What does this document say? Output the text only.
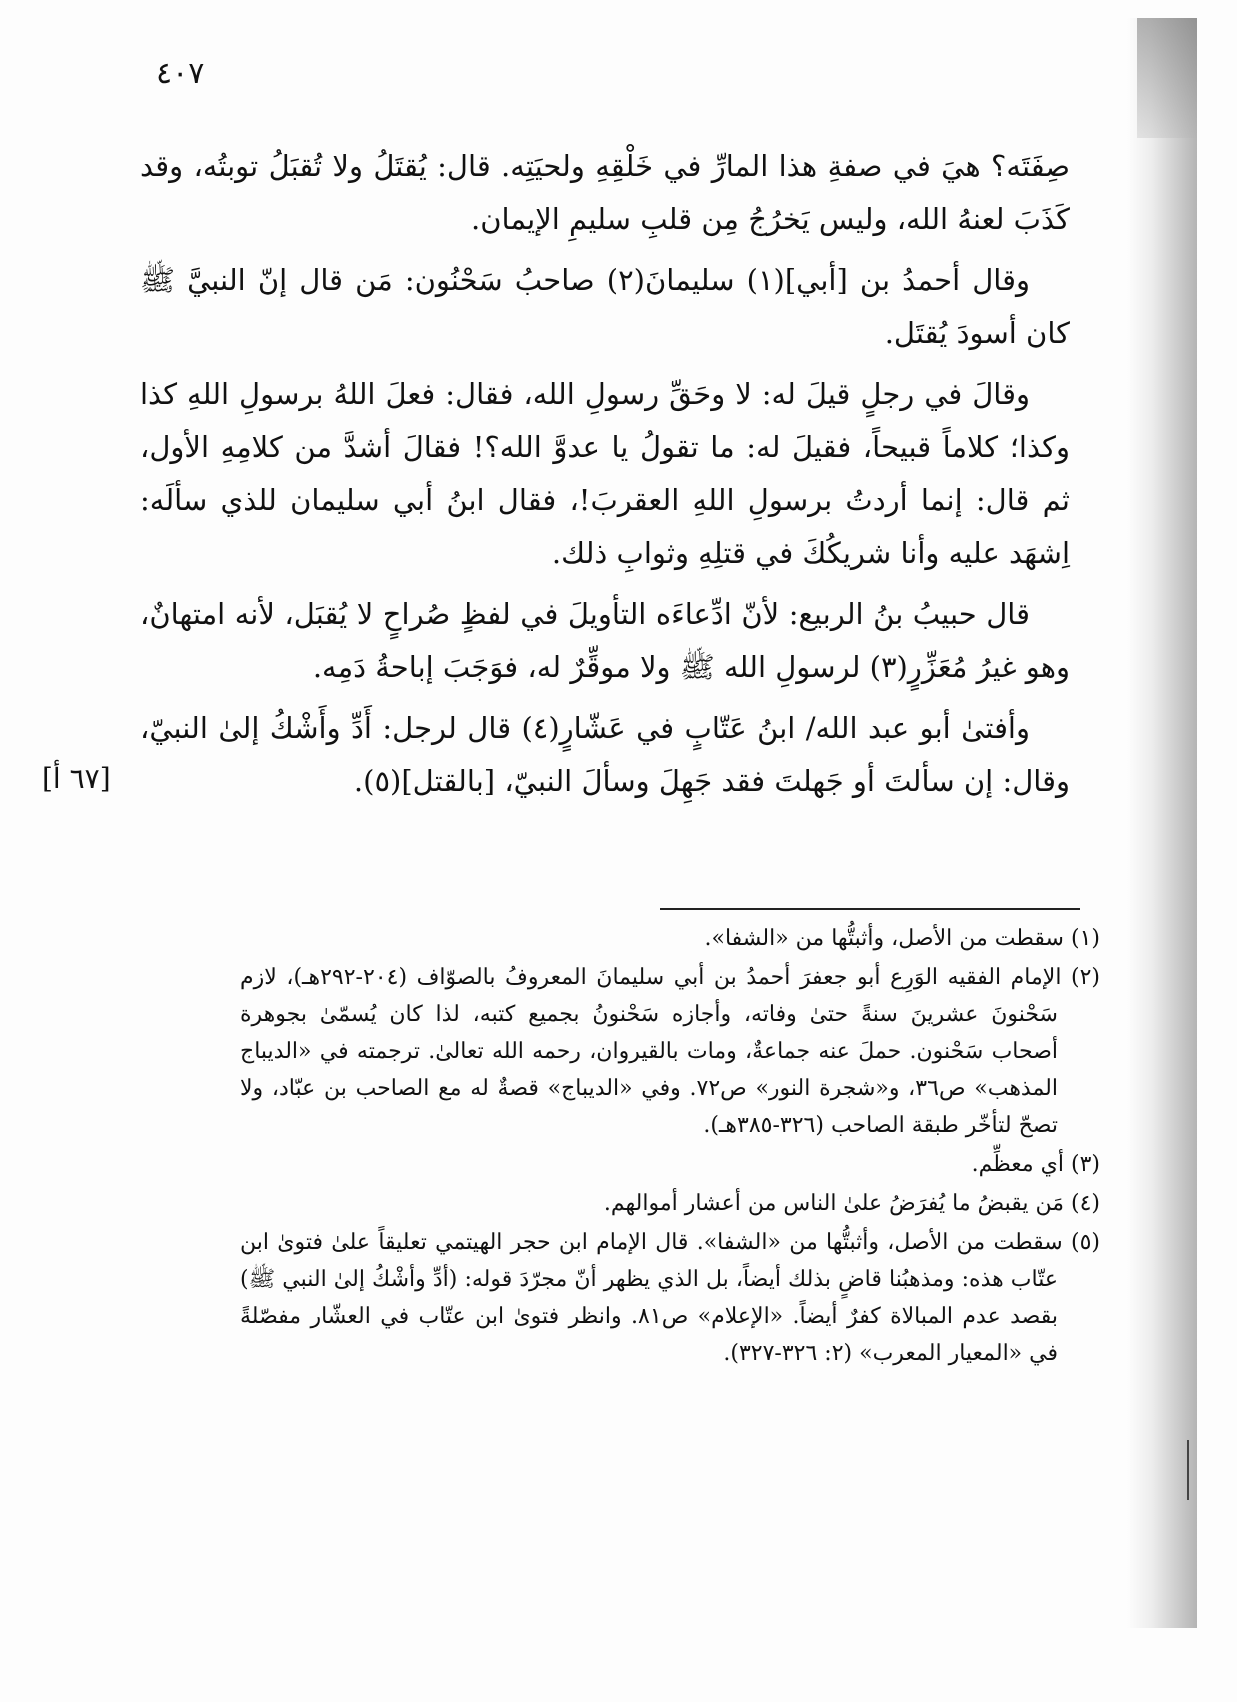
٤٠٧

صِفَتَه؟ هيَ في صفةِ هذا المارِّ في خَلْقِهِ ولحيَتِه. قال: يُقتَلُ ولا تُقبَلُ توبتُه، وقد كَذَبَ لعنهُ الله، وليس يَخرُجُ مِن قلبِ سليمِ الإيمان.

وقال أحمدُ بن [أبي](١) سليمانَ(٢) صاحبُ سَحْنُون: مَن قال إنّ النبيَّ ﷺ كان أسودَ يُقتَل.

وقالَ في رجلٍ قيلَ له: لا وحَقِّ رسولِ الله، فقال: فعلَ اللهُ برسولِ اللهِ كذا وكذا؛ كلاماً قبيحاً، فقيلَ له: ما تقولُ يا عدوَّ الله؟! فقالَ أشدَّ من كلامِهِ الأول، ثم قال: إنما أردتُ برسولِ اللهِ العقربَ!، فقال ابنُ أبي سليمان للذي سألَه: اِشهَد عليه وأنا شريكُكَ في قتلِهِ وثوابِ ذلك.

قال حبيبُ بنُ الربيع: لأنّ ادِّعاءَه التأويلَ في لفظٍ صُراحٍ لا يُقبَل، لأنه امتهانٌ، وهو غيرُ مُعَزِّرٍ(٣) لرسولِ الله ﷺ ولا موقِّرٌ له، فوَجَبَ إباحةُ دَمِه.

وأفتىٰ أبو عبد الله/ ابنُ عَتّابٍ في عَشّارٍ(٤) قال لرجل: أَدِّ وأَشْكُ إلىٰ النبيّ، وقال: إن سألتَ أو جَهلتَ فقد جَهِلَ وسألَ النبيّ، [بالقتل](٥).

[٦٧ أ]

(١) سقطت من الأصل، وأثبتُّها من «الشفا».

(٢) الإمام الفقيه الوَرِع أبو جعفرَ أحمدُ بن أبي سليمانَ المعروفُ بالصوّاف (٢٠٤-٢٩٢هـ)، لازم سَحْنونَ عشرينَ سنةً حتىٰ وفاته، وأجازه سَحْنونُ بجميع كتبه، لذا كان يُسمّىٰ بجوهرة أصحاب سَحْنون. حملَ عنه جماعةٌ، ومات بالقيروان، رحمه الله تعالىٰ. ترجمته في «الديباج المذهب» ص٣٦، و«شجرة النور» ص٧٢. وفي «الديباج» قصةٌ له مع الصاحب بن عبّاد، ولا تصحّ لتأخّر طبقة الصاحب (٣٢٦-٣٨٥هـ).

(٣) أي معظِّم.

(٤) مَن يقبضُ ما يُفرَضُ علىٰ الناس من أعشار أموالهم.

(٥) سقطت من الأصل، وأثبتُّها من «الشفا». قال الإمام ابن حجر الهيتمي تعليقاً علىٰ فتوىٰ ابن عتّاب هذه: ومذهبُنا قاضٍ بذلك أيضاً، بل الذي يظهر أنّ مجرّدَ قوله: (أدِّ وأشْكُ إلىٰ النبي ﷺ) بقصد عدم المبالاة كفرٌ أيضاً. «الإعلام» ص٨١. وانظر فتوىٰ ابن عتّاب في العشّار مفصّلةً في «المعيار المعرب» (٢: ٣٢٦-٣٢٧).
